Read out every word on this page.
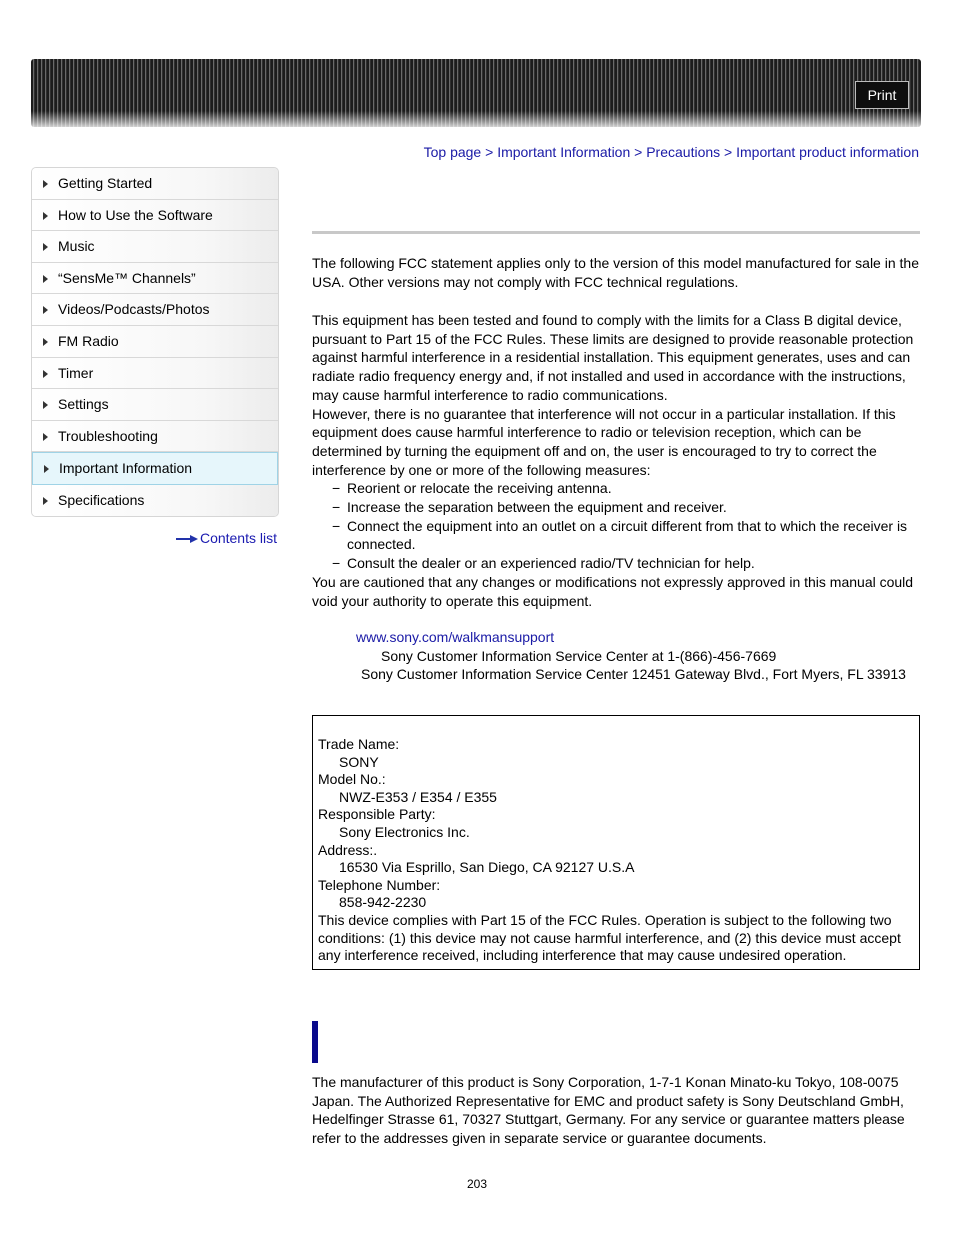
Print
Top page > Important Information > Precautions > Important product information
Getting Started
How to Use the Software
Music
“SensMe™ Channels”
Videos/Podcasts/Photos
FM Radio
Timer
Settings
Troubleshooting
Important Information
Specifications
Contents list

The following FCC statement applies only to the version of this model manufactured for sale in the USA. Other versions may not comply with FCC technical regulations.

This equipment has been tested and found to comply with the limits for a Class B digital device, pursuant to Part 15 of the FCC Rules. These limits are designed to provide reasonable protection against harmful interference in a residential installation. This equipment generates, uses and can radiate radio frequency energy and, if not installed and used in accordance with the instructions, may cause harmful interference to radio communications.

However, there is no guarantee that interference will not occur in a particular installation. If this equipment does cause harmful interference to radio or television reception, which can be determined by turning the equipment off and on, the user is encouraged to try to correct the interference by one or more of the following measures:

− Reorient or relocate the receiving antenna.
− Increase the separation between the equipment and receiver.
− Connect the equipment into an outlet on a circuit different from that to which the receiver is connected.
− Consult the dealer or an experienced radio/TV technician for help.

You are cautioned that any changes or modifications not expressly approved in this manual could void your authority to operate this equipment.

www.sony.com/walkmansupport

Sony Customer Information Service Center at 1-(866)-456-7669

Sony Customer Information Service Center 12451 Gateway Blvd., Fort Myers, FL 33913

Trade Name:
SONY
Model No.:
NWZ-E353 / E354 / E355
Responsible Party:
Sony Electronics Inc.
Address:.
16530 Via Esprillo, San Diego, CA 92127 U.S.A
Telephone Number:
858-942-2230
This device complies with Part 15 of the FCC Rules. Operation is subject to the following two conditions: (1) this device may not cause harmful interference, and (2) this device must accept any interference received, including interference that may cause undesired operation.

The manufacturer of this product is Sony Corporation, 1-7-1 Konan Minato-ku Tokyo, 108-0075 Japan. The Authorized Representative for EMC and product safety is Sony Deutschland GmbH, Hedelfinger Strasse 61, 70327 Stuttgart, Germany. For any service or guarantee matters please refer to the addresses given in separate service or guarantee documents.

203
